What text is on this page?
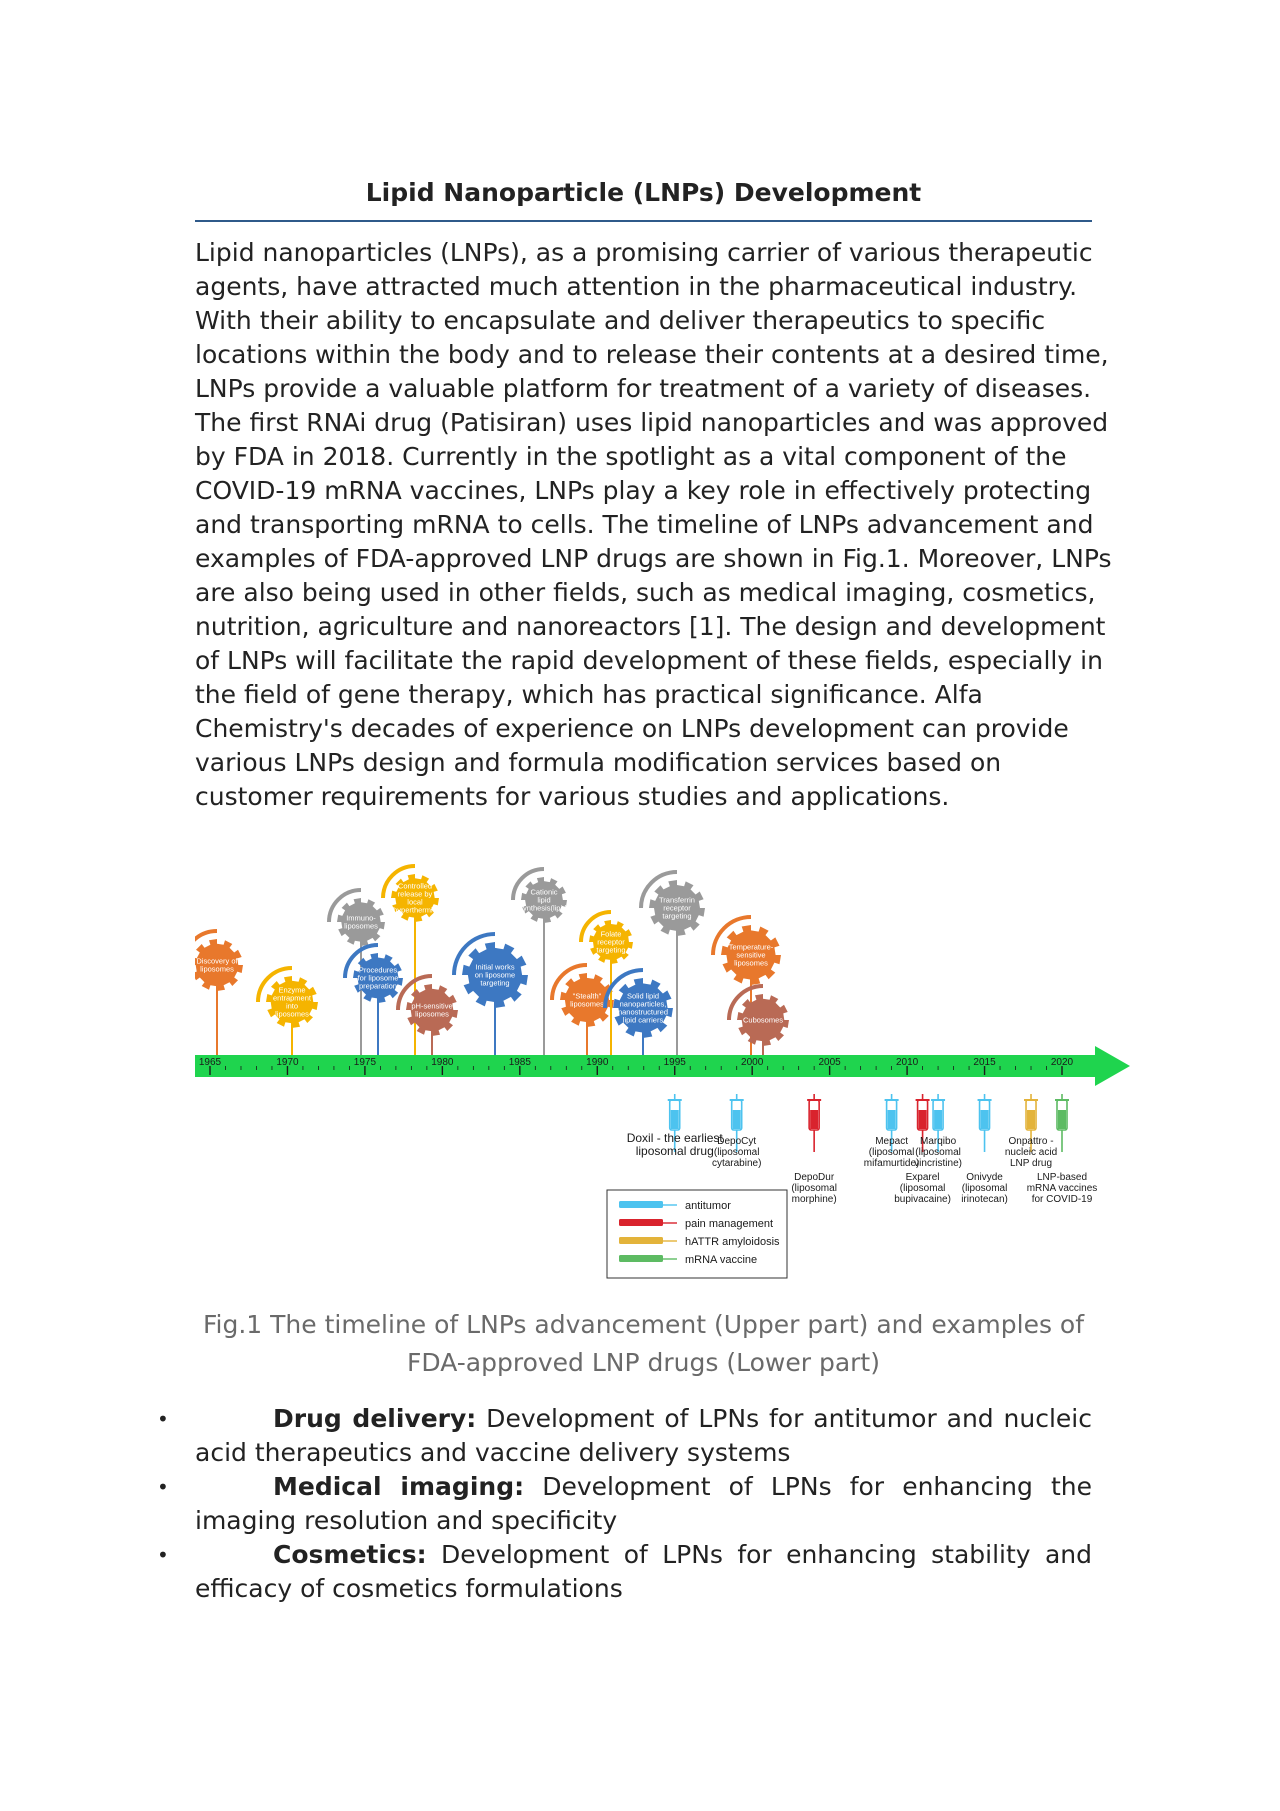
Lipid Nanoparticle (LNPs) Development

Lipid nanoparticles (LNPs), as a promising carrier of various therapeutic agents, have attracted much attention in the pharmaceutical industry. With their ability to encapsulate and deliver therapeutics to specific locations within the body and to release their contents at a desired time, LNPs provide a valuable platform for treatment of a variety of diseases. The first RNAi drug (Patisiran) uses lipid nanoparticles and was approved by FDA in 2018. Currently in the spotlight as a vital component of the COVID-19 mRNA vaccines, LNPs play a key role in effectively protecting and transporting mRNA to cells. The timeline of LNPs advancement and examples of FDA-approved LNP drugs are shown in Fig.1. Moreover, LNPs are also being used in other fields, such as medical imaging, cosmetics, nutrition, agriculture and nanoreactors [1]. The design and development of LNPs will facilitate the rapid development of these fields, especially in the field of gene therapy, which has practical significance. Alfa Chemistry's decades of experience on LNPs development can provide various LNPs design and formula modification services based on customer requirements for various studies and applications.

Discovery of
liposomes
Enzyme
entrapment
into
liposomes
Immuno-
liposomes
Procedures
for liposome
preparation
Controlled
release by
local
hyperthermia
pH-sensitive
liposomes
Initial works
on liposome
targeting
Cationic
lipid
synthesis(lipid)
"Stealth"
liposomes
Folate
receptor
targeting
Solid lipid
nanoparticles,
nanostructured
lipid carriers
Transferrin
receptor
targeting
Temperature-
sensitive
liposomes
Cubosomes
1965	1970	1975	1980	1985	1990	1995	2000	2005	2010	2015	2020
Doxil - the earliest
liposomal drug
DepoCyt
(liposomal
cytarabine)
DepoDur
(liposomal
morphine)
Mepact
(liposomal
mifamurtide)
Exparel
(liposomal
bupivacaine)
Marqibo
(liposomal
vincristine)
Onivyde
(liposomal
irinotecan)
Onpattro -
nucleic acid
LNP drug
LNP-based
mRNA vaccines
for COVID-19
antitumor
pain management
hATTR amyloidosis
mRNA vaccine

Fig.1 The timeline of LNPs advancement (Upper part) and examples of FDA-approved LNP drugs (Lower part)

•	Drug delivery: Development of LPNs for antitumor and nucleic acid therapeutics and vaccine delivery systems
•	Medical imaging: Development of LPNs for enhancing the imaging resolution and specificity
•	Cosmetics: Development of LPNs for enhancing stability and efficacy of cosmetics formulations
